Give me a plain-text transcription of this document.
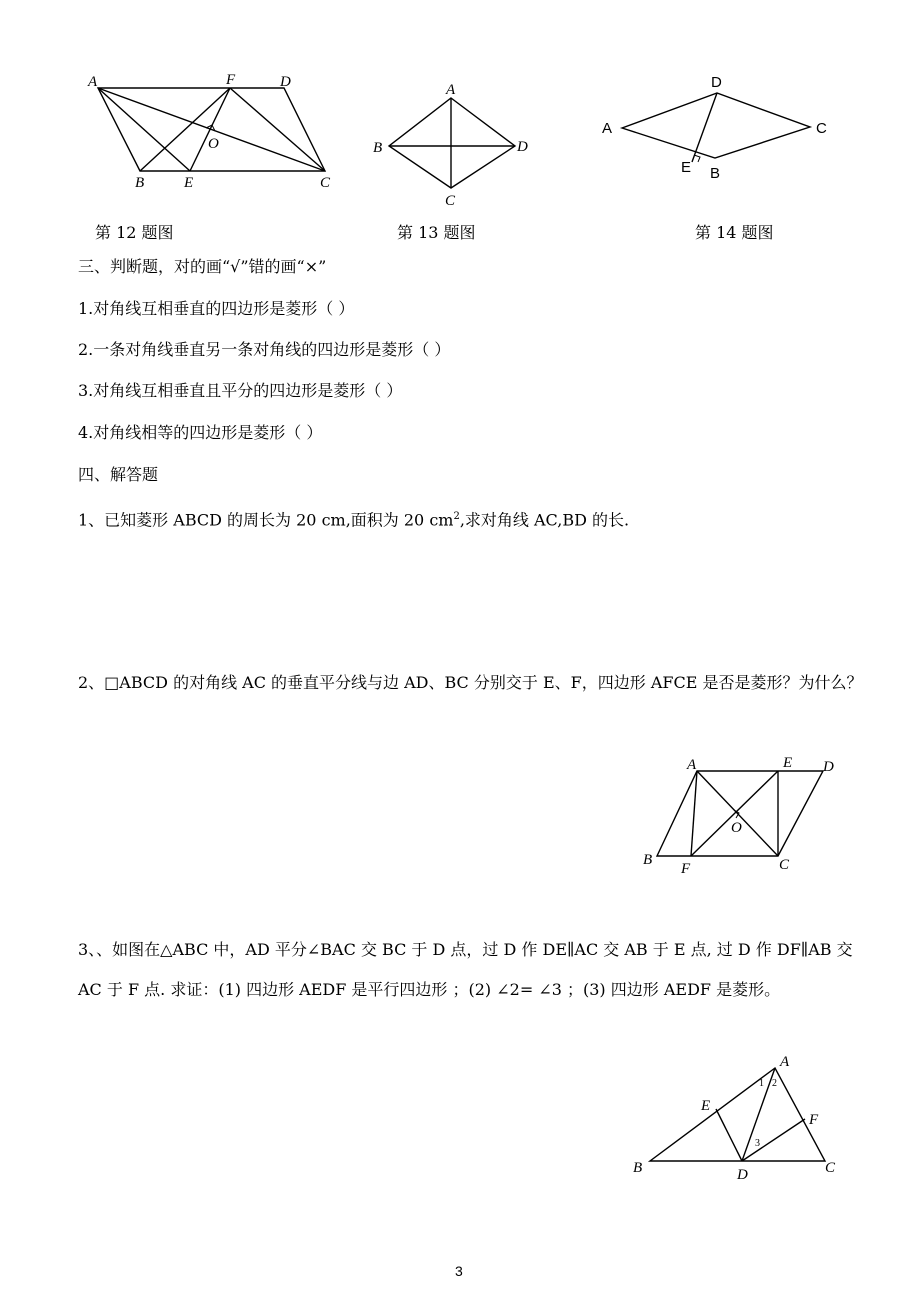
A	F	D
O
B	E	C
A
B
C
D
D
A	C
E B
第 12 题图	第 13 题图	第 14 题图
三、判断题，对的画“√”错的画“×”
1.对角线互相垂直的四边形是菱形（ ）
2.一条对角线垂直另一条对角线的四边形是菱形（ ）
3.对角线互相垂直且平分的四边形是菱形（ ）
4.对角线相等的四边形是菱形（ ）
四、解答题
1、已知菱形 ABCD 的周长为 20 cm,面积为 20 $cm^2$,求对角线 AC,BD 的长.
2、□ABCD 的对角线 AC 的垂直平分线与边 AD、BC 分别交于 E、F，四边形 AFCE 是否是菱形？为什么？
A	E D
O
B
F	C
3、、如图在△ABC 中，AD 平分∠BAC 交 BC 于 D 点，过 D 作 DE∥AC 交 AB 于 E 点, 过 D 作 DF∥AB 交 AC 于 F 点. 求证：(1) 四边形 AEDF 是平行四边形 ；(2) ∠2= ∠3 ；(3) 四边形 AEDF 是菱形。
A
E
F
B	D	C
1 2
3
3
